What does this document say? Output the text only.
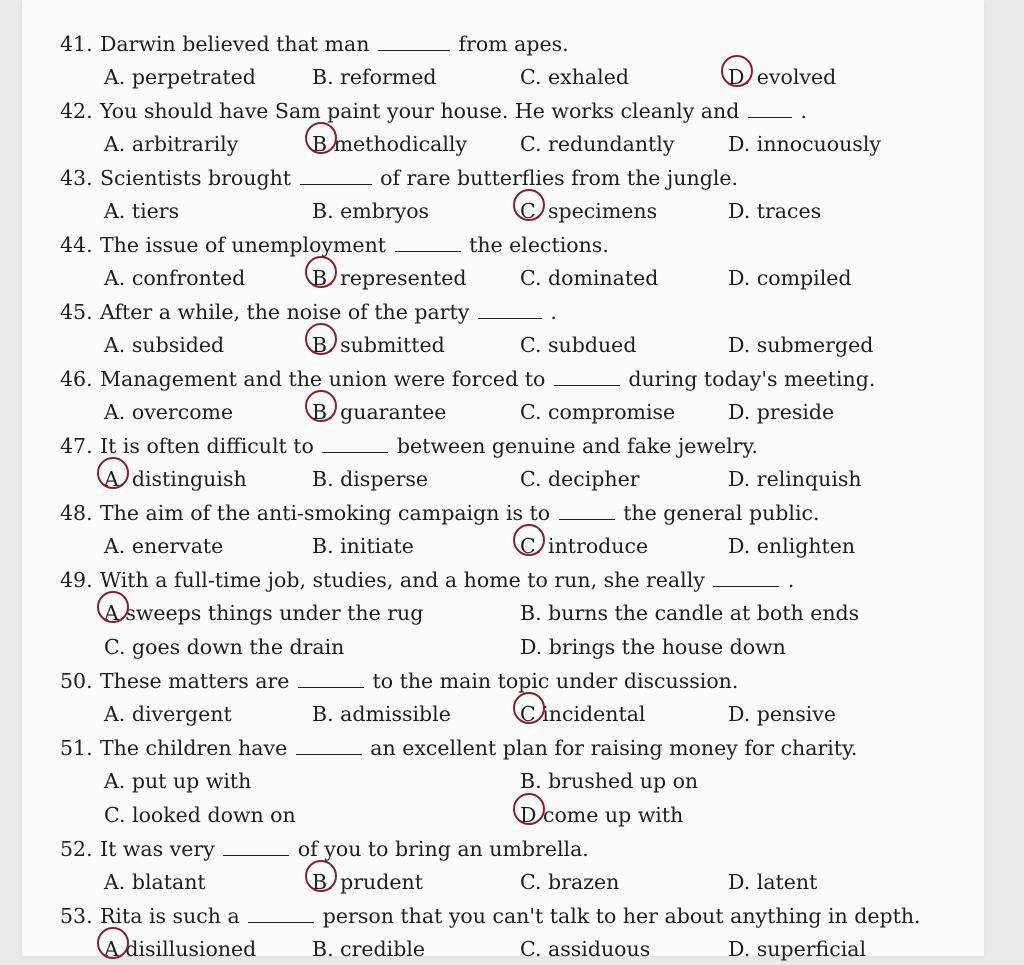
41. Darwin believed that man	from apes.
A. perpetrated	B. reformed	C. exhaled	D. evolved
42. You should have Sam paint your house. He works cleanly and	.
A. arbitrarily	B methodically	C. redundantly	D. innocuously
43. Scientists brought	of rare butterflies from the jungle.
A. tiers	B. embryos	C. specimens	D. traces
44. The issue of unemployment	the elections.
A. confronted	B. represented	C. dominated	D. compiled
45. After a while, the noise of the party	.
A. subsided	B. submitted	C. subdued	D. submerged
46. Management and the union were forced to	during today's meeting.
A. overcome	B. guarantee	C. compromise	D. preside
47. It is often difficult to	between genuine and fake jewelry.
A. distinguish	B. disperse	C. decipher	D. relinquish
48. The aim of the anti-smoking campaign is to	the general public.
A. enervate	B. initiate	C. introduce	D. enlighten
49. With a full-time job, studies, and a home to run, she really	.
A sweeps things under the rug	B. burns the candle at both ends
C. goes down the drain	D. brings the house down
50. These matters are	to the main topic under discussion.
A. divergent	B. admissible	C incidental	D. pensive
51. The children have	an excellent plan for raising money for charity.
A. put up with	B. brushed up on
C. looked down on	D come up with
52. It was very	of you to bring an umbrella.
A. blatant	B. prudent	C. brazen	D. latent
53. Rita is such a	person that you can't talk to her about anything in depth.
A disillusioned	B. credible	C. assiduous	D. superficial
